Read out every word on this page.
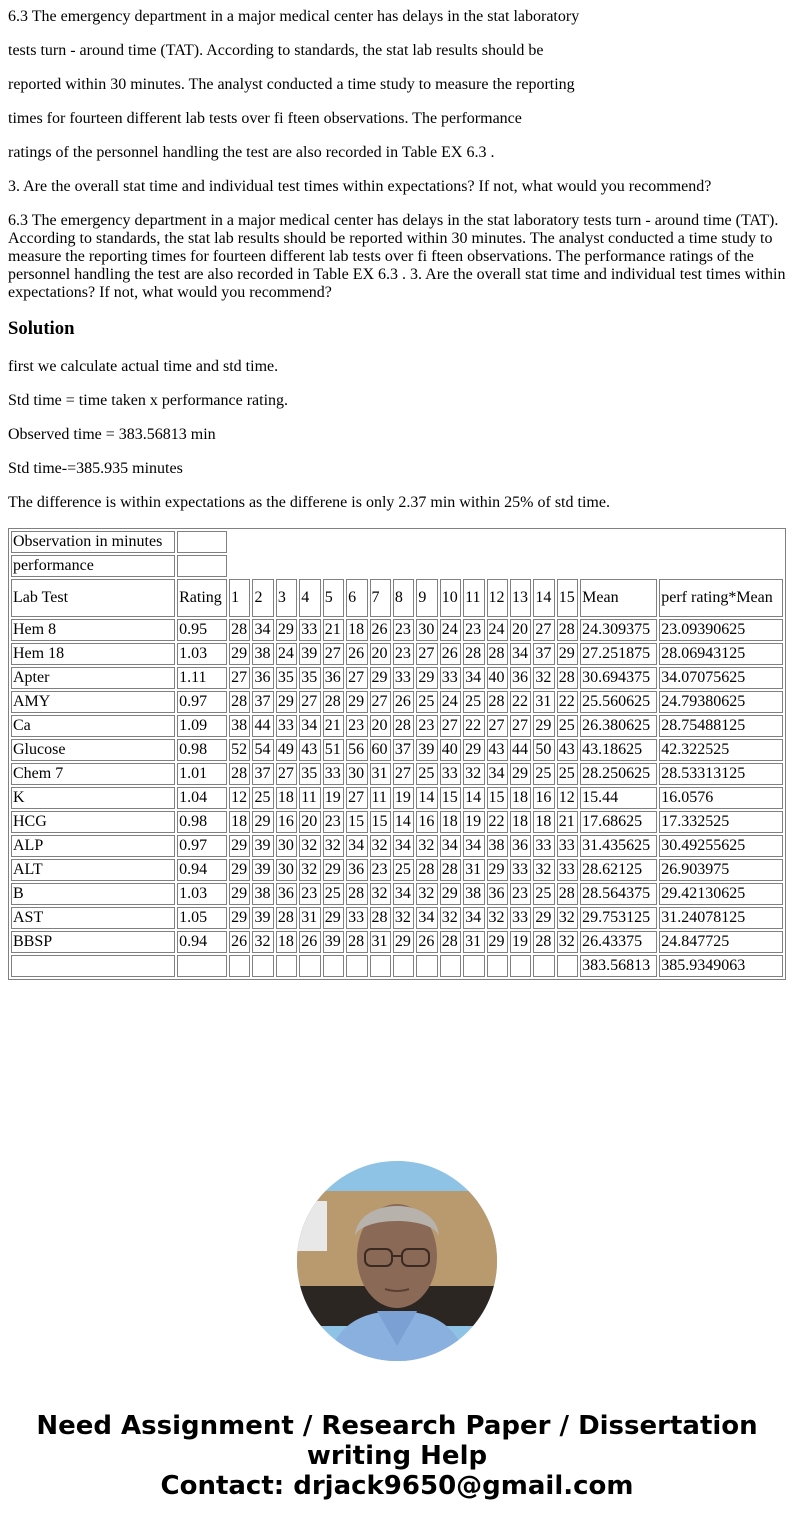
6.3 The emergency department in a major medical center has delays in the stat laboratory

tests turn - around time (TAT). According to standards, the stat lab results should be

reported within 30 minutes. The analyst conducted a time study to measure the reporting

times for fourteen different lab tests over fi fteen observations. The performance

ratings of the personnel handling the test are also recorded in Table EX 6.3 .

3. Are the overall stat time and individual test times within expectations? If not, what would you recommend?

6.3 The emergency department in a major medical center has delays in the stat laboratory tests turn - around time (TAT). According to standards, the stat lab results should be reported within 30 minutes. The analyst conducted a time study to measure the reporting times for fourteen different lab tests over fi fteen observations. The performance ratings of the personnel handling the test are also recorded in Table EX 6.3 . 3. Are the overall stat time and individual test times within expectations? If not, what would you recommend?

Solution

first we calculate actual time and std time.

Std time = time taken x performance rating.

Observed time = 383.56813 min

Std time-=385.935 minutes

The difference is within expectations as the differene is only 2.37 min within 25% of std time.

Observation in minutes																		
performance																		
Lab Test	Rating	1	2	3	4	5	6	7	8	9	10	11	12	13	14	15	Mean	perf rating*Mean
Hem 8	0.95	28	34	29	33	21	18	26	23	30	24	23	24	20	27	28	24.309375	23.09390625
Hem 18	1.03	29	38	24	39	27	26	20	23	27	26	28	28	34	37	29	27.251875	28.06943125
Apter	1.11	27	36	35	35	36	27	29	33	29	33	34	40	36	32	28	30.694375	34.07075625
AMY	0.97	28	37	29	27	28	29	27	26	25	24	25	28	22	31	22	25.560625	24.79380625
Ca	1.09	38	44	33	34	21	23	20	28	23	27	22	27	27	29	25	26.380625	28.75488125
Glucose	0.98	52	54	49	43	51	56	60	37	39	40	29	43	44	50	43	43.18625	42.322525
Chem 7	1.01	28	37	27	35	33	30	31	27	25	33	32	34	29	25	25	28.250625	28.53313125
K	1.04	12	25	18	11	19	27	11	19	14	15	14	15	18	16	12	15.44	16.0576
HCG	0.98	18	29	16	20	23	15	15	14	16	18	19	22	18	18	21	17.68625	17.332525
ALP	0.97	29	39	30	32	32	34	32	34	32	34	34	38	36	33	33	31.435625	30.49255625
ALT	0.94	29	39	30	32	29	36	23	25	28	28	31	29	33	32	33	28.62125	26.903975
B	1.03	29	38	36	23	25	28	32	34	32	29	38	36	23	25	28	28.564375	29.42130625
AST	1.05	29	39	28	31	29	33	28	32	34	32	34	32	33	29	32	29.753125	31.24078125
BBSP	0.94	26	32	18	26	39	28	31	29	26	28	31	29	19	28	32	26.43375	24.847725
																	383.56813	385.9349063
Need Assignment / Research Paper / Dissertation
writing Help
Contact: drjack9650@gmail.com
